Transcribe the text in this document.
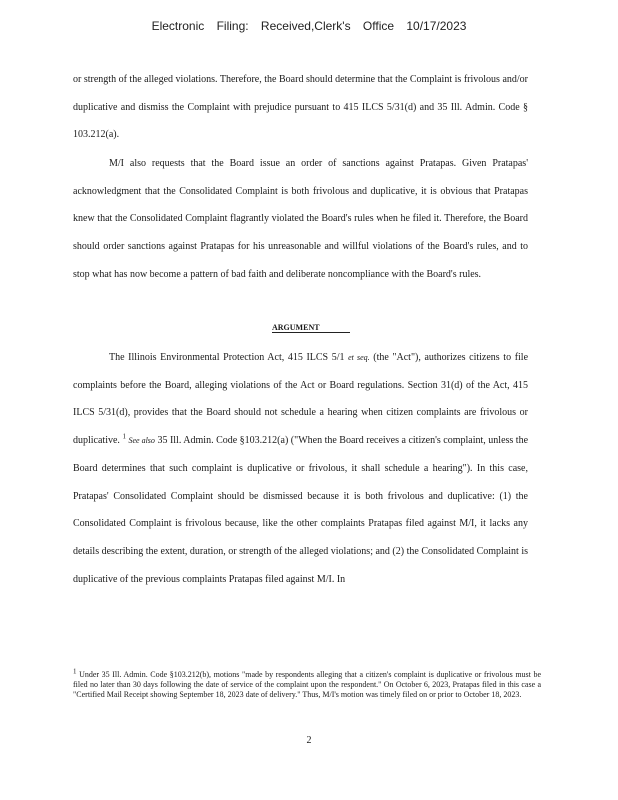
Electronic Filing: Received,Clerk's Office 10/17/2023
or strength of the alleged violations. Therefore, the Board should determine that the Complaint is frivolous and/or duplicative and dismiss the Complaint with prejudice pursuant to 415 ILCS 5/31(d) and 35 Ill. Admin. Code § 103.212(a).
M/I also requests that the Board issue an order of sanctions against Pratapas. Given Pratapas' acknowledgment that the Consolidated Complaint is both frivolous and duplicative, it is obvious that Pratapas knew that the Consolidated Complaint flagrantly violated the Board's rules when he filed it. Therefore, the Board should order sanctions against Pratapas for his unreasonable and willful violations of the Board's rules, and to stop what has now become a pattern of bad faith and deliberate noncompliance with the Board's rules.
ARGUMENT
The Illinois Environmental Protection Act, 415 ILCS 5/1 et seq. (the "Act"), authorizes citizens to file complaints before the Board, alleging violations of the Act or Board regulations. Section 31(d) of the Act, 415 ILCS 5/31(d), provides that the Board should not schedule a hearing when citizen complaints are frivolous or duplicative. $^1$ See also 35 Ill. Admin. Code §103.212(a) ("When the Board receives a citizen's complaint, unless the Board determines that such complaint is duplicative or frivolous, it shall schedule a hearing"). In this case, Pratapas' Consolidated Complaint should be dismissed because it is both frivolous and duplicative: (1) the Consolidated Complaint is frivolous because, like the other complaints Pratapas filed against M/I, it lacks any details describing the extent, duration, or strength of the alleged violations; and (2) the Consolidated Complaint is duplicative of the previous complaints Pratapas filed against M/I. In
1 Under 35 Ill. Admin. Code §103.212(b), motions "made by respondents alleging that a citizen's complaint is duplicative or frivolous must be filed no later than 30 days following the date of service of the complaint upon the respondent." On October 6, 2023, Pratapas filed in this case a "Certified Mail Receipt showing September 18, 2023 date of delivery." Thus, M/I's motion was timely filed on or prior to October 18, 2023.
2
